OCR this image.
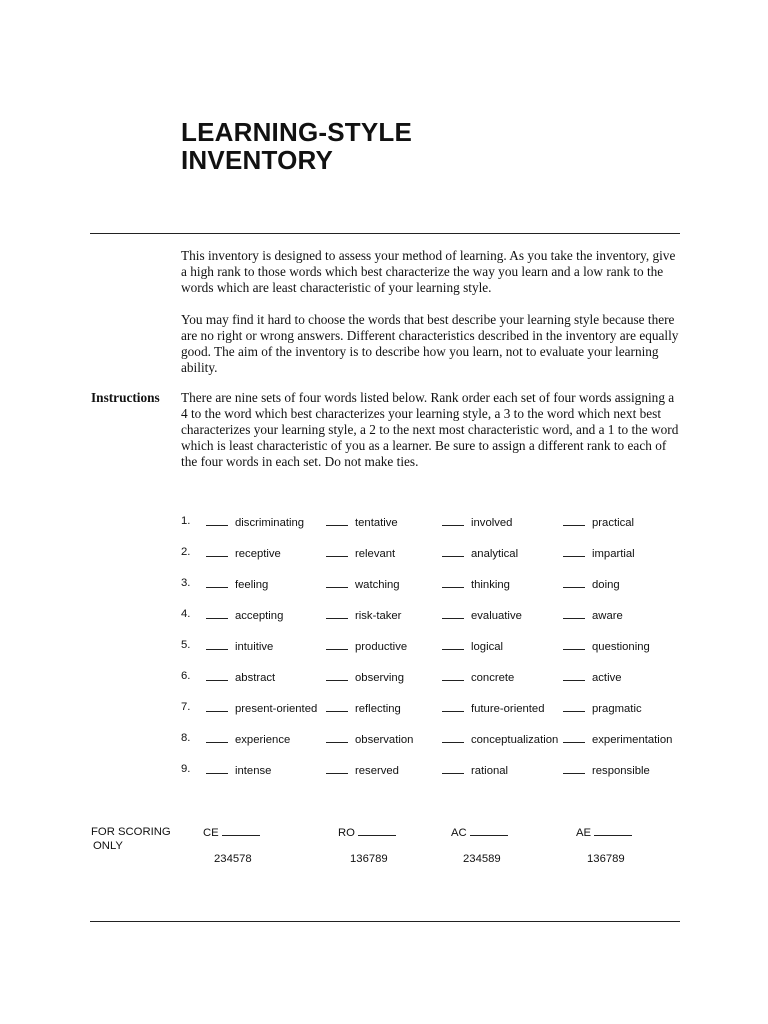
LEARNING-STYLE
INVENTORY

This inventory is designed to assess your method of learning. As you take the inventory, give a high rank to those words which best characterize the way you learn and a low rank to the words which are least characteristic of your learning style.

You may find it hard to choose the words that best describe your learning style because there are no right or wrong answers. Different characteristics described in the inventory are equally good. The aim of the inventory is to describe how you learn, not to evaluate your learning ability.

Instructions There are nine sets of four words listed below. Rank order each set of four words assigning a 4 to the word which best characterizes your learning style, a 3 to the word which next best characterizes your learning style, a 2 to the next most characteristic word, and a 1 to the word which is least characteristic of you as a learner. Be sure to assign a different rank to each of the four words in each set. Do not make ties.

1.	discriminating	tentative	involved	practical
2.	receptive	relevant	analytical	impartial
3.	feeling	watching	thinking	doing
4.	accepting	risk-taker	evaluative	aware
5.	intuitive	productive	logical	questioning
6.	abstract	observing	concrete	active
7.	present-oriented	reflecting	future-oriented	pragmatic
8.	experience	observation	conceptualization	experimentation
9.	intense	reserved	rational	responsible
FOR SCORING
ONLY
CE	RO	AC	AE
234578	136789	234589	136789
